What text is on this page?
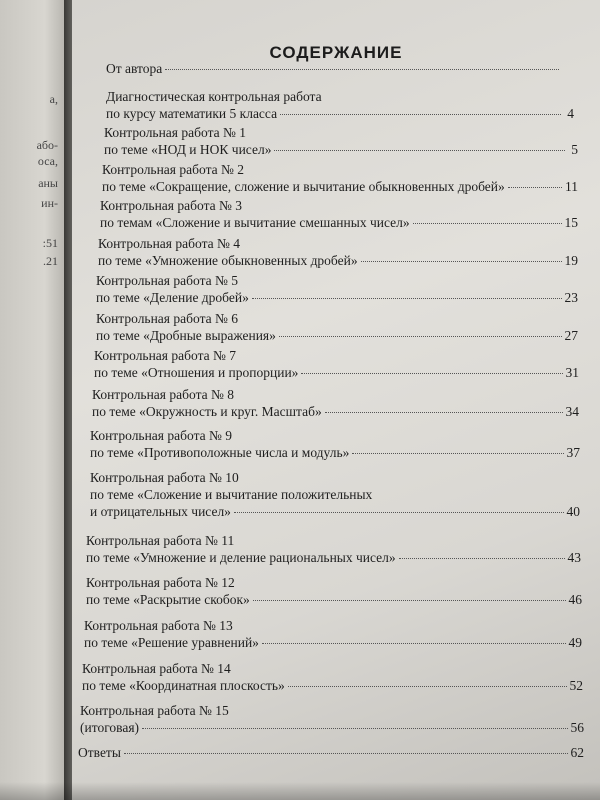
a,
або-
оса,
аны
ин-
:51
.21
СОДЕРЖАНИЕ
От автора
Диагностическая контрольная работа
по курсу математики 5 класса	4
Контрольная работа № 1
по теме «НОД и НОК чисел»	5
Контрольная работа № 2
по теме «Сокращение, сложение и вычитание обыкновенных дробей»	11
Контрольная работа № 3
по темам «Сложение и вычитание смешанных чисел»	15
Контрольная работа № 4
по теме «Умножение обыкновенных дробей»	19
Контрольная работа № 5
по теме «Деление дробей»	23
Контрольная работа № 6
по теме «Дробные выражения»	27
Контрольная работа № 7
по теме «Отношения и пропорции»	31
Контрольная работа № 8
по теме «Окружность и круг. Масштаб»	34
Контрольная работа № 9
по теме «Противоположные числа и модуль»	37
Контрольная работа № 10
по теме «Сложение и вычитание положительных
и отрицательных чисел»	40
Контрольная работа № 11
по теме «Умножение и деление рациональных чисел»	43
Контрольная работа № 12
по теме «Раскрытие скобок»	46
Контрольная работа № 13
по теме «Решение уравнений»	49
Контрольная работа № 14
по теме «Координатная плоскость»	52
Контрольная работа № 15
(итоговая)	56
Ответы	62
